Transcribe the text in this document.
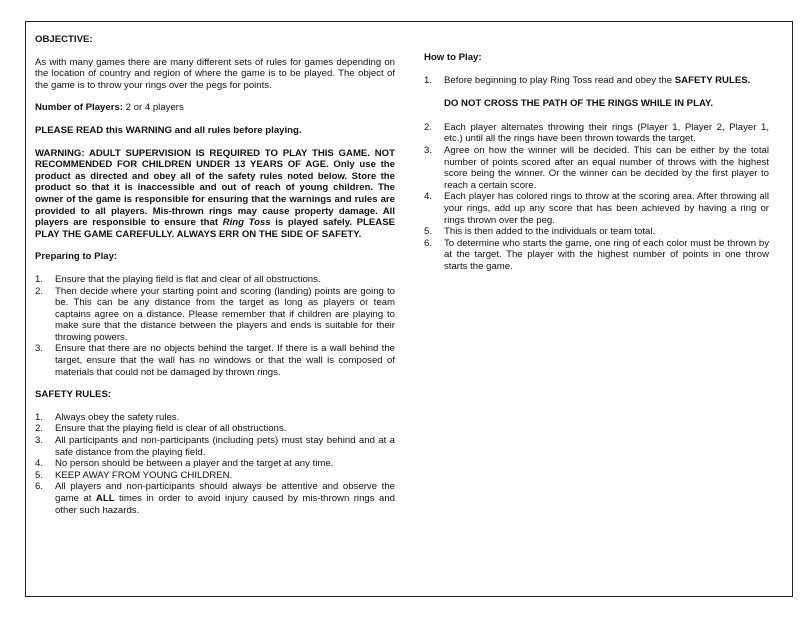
OBJECTIVE:

As with many games there are many different sets of rules for games depending on the location of country and region of where the game is to be played. The object of the game is to throw your rings over the pegs for points.

Number of Players: 2 or 4 players

PLEASE READ this WARNING and all rules before playing.

WARNING: ADULT SUPERVISION IS REQUIRED TO PLAY THIS GAME. NOT RECOMMENDED FOR CHILDREN UNDER 13 YEARS OF AGE. Only use the product as directed and obey all of the safety rules noted below. Store the product so that it is inaccessible and out of reach of young children. The owner of the game is responsible for ensuring that the warnings and rules are provided to all players. Mis-thrown rings may cause property damage. All players are responsible to ensure that Ring Toss is played safely. PLEASE PLAY THE GAME CAREFULLY. ALWAYS ERR ON THE SIDE OF SAFETY.

Preparing to Play:
1. Ensure that the playing field is flat and clear of all obstructions.
2. Then decide where your starting point and scoring (landing) points are going to be. This can be any distance from the target as long as players or team captains agree on a distance. Please remember that if children are playing to make sure that the distance between the players and ends is suitable for their throwing powers.
3. Ensure that there are no objects behind the target. If there is a wall behind the target, ensure that the wall has no windows or that the wall is composed of materials that could not be damaged by thrown rings.
SAFETY RULES:
1. Always obey the safety rules.
2. Ensure that the playing field is clear of all obstructions.
3. All participants and non-participants (including pets) must stay behind and at a safe distance from the playing field.
4. No person should be between a player and the target at any time.
5. KEEP AWAY FROM YOUNG CHILDREN.
6. All players and non-participants should always be attentive and observe the game at ALL times in order to avoid injury caused by mis-thrown rings and other such hazards.
How to Play:
1. Before beginning to play Ring Toss read and obey the SAFETY RULES.
DO NOT CROSS THE PATH OF THE RINGS WHILE IN PLAY.
2. Each player alternates throwing their rings (Player 1, Player 2, Player 1, etc.) until all the rings have been thrown towards the target.
3. Agree on how the winner will be decided. This can be either by the total number of points scored after an equal number of throws with the highest score being the winner. Or the winner can be decided by the first player to reach a certain score.
4. Each player has colored rings to throw at the scoring area. After throwing all your rings, add up any score that has been achieved by having a ring or rings thrown over the peg.
5. This is then added to the individuals or team total.
6. To determine who starts the game, one ring of each color must be thrown by at the target. The player with the highest number of points in one throw starts the game.
